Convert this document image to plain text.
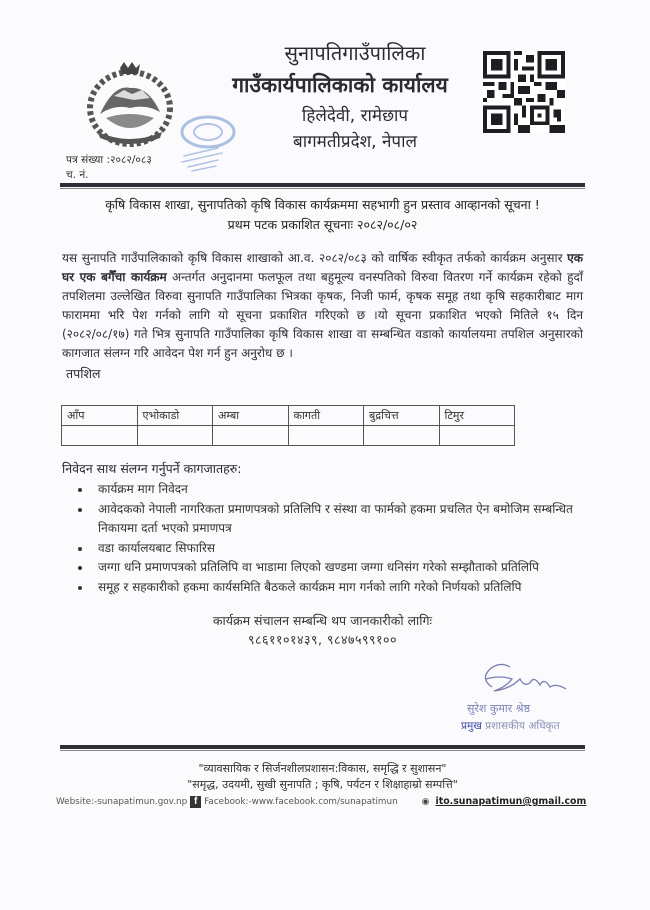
सुनापतिगाउँपालिका
गाउँकार्यपालिकाको कार्यालय
हिलेदेवी, रामेछाप
बागमतीप्रदेश, नेपाल
पत्र संख्या :२०८२/०८३
च. नं.
कृषि विकास शाखा, सुनापतिको कृषि विकास कार्यक्रममा सहभागी हुन प्रस्ताव आव्हानको सूचना !
प्रथम पटक प्रकाशित सूचनाः २०८२/०८/०२
यस सुनापति गाउँपालिकाको कृषि विकास शाखाको आ.व. २०८२/०८३ को वार्षिक स्वीकृत तर्फको कार्यक्रम अनुसार एक घर एक बगैँचा कार्यक्रम अन्तर्गत अनुदानमा फलफूल तथा बहुमूल्य वनस्पतिको विरुवा वितरण गर्ने कार्यक्रम रहेको हुदाँ तपशिलमा उल्लेखित विरुवा सुनापति गाउँपालिका भित्रका कृषक, निजी फार्म, कृषक समूह तथा कृषि सहकारीबाट माग फाराममा भरि पेश गर्नको लागि यो सूचना प्रकाशित गरिएको छ ।यो सूचना प्रकाशित भएको मितिले १५ दिन (२०८२/०८/१७) गते भित्र सुनापति गाउँपालिका कृषि विकास शाखा वा सम्बन्धित वडाको कार्यालयमा तपशिल अनुसारको कागजात संलग्न गरि आवेदन पेश गर्न हुन अनुरोध छ ।
तपशिल
आँप	एभोकाडो	अम्बा	कागती	बुद्रचित्त	टिमुर

निवेदन साथ संलग्न गर्नुपर्ने कागजातहरु:
• कार्यक्रम माग निवेदन
• आवेदकको नेपाली नागरिकता प्रमाणपत्रको प्रतिलिपि र संस्था वा फार्मको हकमा प्रचलित ऐन बमोजिम सम्बन्धित निकायमा दर्ता भएको प्रमाणपत्र
• वडा कार्यालयबाट सिफारिस
• जग्गा धनि प्रमाणपत्रको प्रतिलिपि वा भाडामा लिएको खण्डमा जग्गा धनिसंग गरेको सम्झौताको प्रतिलिपि
• समूह र सहकारीको हकमा कार्यसमिति बैठकले कार्यक्रम माग गर्नको लागि गरेको निर्णयको प्रतिलिपि
कार्यक्रम संचालन सम्बन्धि थप जानकारीको लागिः
९८६११०१४३९, ९८४७५९९१००
सुरेश कुमार श्रेष्ठ
प्रमुख प्रशासकीय अधिकृत
"व्यावसायिक र सिर्जनशीलप्रशासन:विकास, समृद्धि र सुशासन"
"समृद्ध, उदयमी, सुखी सुनापति ; कृषि, पर्यटन र शिक्षाहाम्रो सम्पत्ति"
Website:-sunapatimun.gov.np f Facebook:-www.facebook.com/sunapatimun	◉ ito.sunapatimun@gmail.com
